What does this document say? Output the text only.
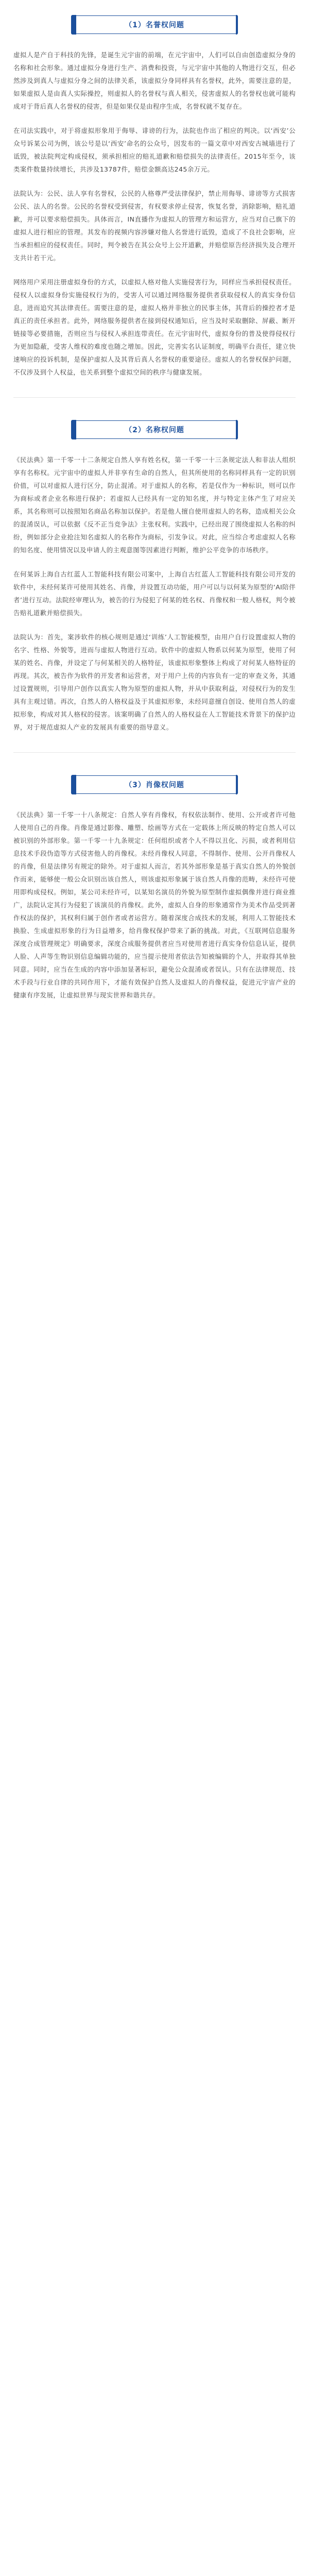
（1）名誉权问题

虚拟人是产自于科技的先锋，是诞生元宇宙的前端，在元宇宙中，人们可以自由创造虚拟分身的名称和社会形象。通过虚拟分身进行生产、消费和投资，与元宇宙中其他的人物进行交互，但必然涉及到真人与虚拟分身之间的法律关系，该虚拟分身同样具有名誉权，此外，需要注意的是，如果虚拟人是由真人实际操控，则虚拟人的名誉权与真人相关，侵害虚拟人的名誉权也就可能构成对于背后真人名誉权的侵害，但是如果仅是由程序生成，名誉权就不复存在。

在司法实践中，对于将虚拟形象用于侮辱、诽谤的行为，法院也作出了相应的判决。以‘西安’公众号诉某公司为例，该公号是以‘西安’命名的公众号，因发布的一篇文章中对西安古城墙进行了诋毁，被法院判定构成侵权，须承担相应的赔礼道歉和赔偿损失的法律责任。2015年至今，该类案件数量持续增长，共涉及13787件，赔偿金额高达245余万元。

法院认为：公民、法人享有名誉权，公民的人格尊严受法律保护，禁止用侮辱、诽谤等方式损害公民、法人的名誉。公民的名誉权受到侵害，有权要求停止侵害，恢复名誉，消除影响，赔礼道歉，并可以要求赔偿损失。具体而言，IN直播作为虚拟人的管理方和运营方，应当对自己旗下的虚拟人进行相应的管理。其发布的视频内容涉嫌对他人名誉进行诋毁，造成了不良社会影响，应当承担相应的侵权责任。同时，判令被告在其公众号上公开道歉，并赔偿原告经济损失及合理开支共计若干元。

网络用户采用注册虚拟身份的方式，以虚拟人格对他人实施侵害行为，同样应当承担侵权责任。侵权人以虚拟身份实施侵权行为的，受害人可以通过网络服务提供者获取侵权人的真实身份信息，进而追究其法律责任。需要注意的是，虚拟人格并非独立的民事主体，其背后的操控者才是真正的责任承担者。此外，网络服务提供者在接到侵权通知后，应当及时采取删除、屏蔽、断开链接等必要措施，否则应当与侵权人承担连带责任。在元宇宙时代，虚拟身份的普及使得侵权行为更加隐蔽，受害人维权的难度也随之增加。因此，完善实名认证制度，明确平台责任，建立快速响应的投诉机制，是保护虚拟人及其背后真人名誉权的重要途径。虚拟人的名誉权保护问题，不仅涉及到个人权益，也关系到整个虚拟空间的秩序与健康发展。

（2）名称权问题

《民法典》第一千零一十二条规定自然人享有姓名权，第一千零一十三条规定法人和非法人组织享有名称权。元宇宙中的虚拟人并非享有生命的自然人，但其所使用的名称同样具有一定的识别价值，可以对虚拟人进行区分，防止混淆。对于虚拟人的名称，若是仅作为一种标识，则可以作为商标或者企业名称进行保护；若虚拟人已经具有一定的知名度，并与特定主体产生了对应关系，其名称则可以按照知名商品名称加以保护。若是他人擅自使用虚拟人的名称，造成相关公众的混淆误认，可以依据《反不正当竞争法》主张权利。实践中，已经出现了围绕虚拟人名称的纠纷，例如部分企业抢注知名虚拟人的名称作为商标，引发争议。对此，应当综合考虑虚拟人名称的知名度、使用情况以及申请人的主观意图等因素进行判断，维护公平竞争的市场秩序。

在何某诉上海自古红蓝人工智能科技有限公司案中，上海自古红蓝人工智能科技有限公司开发的软件中，未经何某许可使用其姓名、肖像，并设置互动功能，用户可以与以何某为原型的‘AI陪伴者’进行互动。法院经审理认为，被告的行为侵犯了何某的姓名权、肖像权和一般人格权，判令被告赔礼道歉并赔偿损失。

法院认为：首先，案涉软件的核心规则是通过‘训练’人工智能模型，由用户自行设置虚拟人物的名字、性格、外貌等，进而与虚拟人物进行互动。软件中的虚拟人物系以何某为原型，使用了何某的姓名、肖像，并设定了与何某相关的人格特征，该虚拟形象整体上构成了对何某人格特征的再现。其次，被告作为软件的开发者和运营者，对于用户上传的内容负有一定的审查义务，其通过设置规则，引导用户创作以真实人物为原型的虚拟人物，并从中获取利益，对侵权行为的发生具有主观过错。再次，自然人的人格权益及于其虚拟形象，未经同意擅自创设、使用自然人的虚拟形象，构成对其人格权的侵害。该案明确了自然人的人格权益在人工智能技术背景下的保护边界，对于规范虚拟人产业的发展具有重要的指导意义。

（3）肖像权问题

《民法典》第一千零一十八条规定：自然人享有肖像权，有权依法制作、使用、公开或者许可他人使用自己的肖像。肖像是通过影像、雕塑、绘画等方式在一定载体上所反映的特定自然人可以被识别的外部形象。第一千零一十九条规定：任何组织或者个人不得以丑化、污损，或者利用信息技术手段伪造等方式侵害他人的肖像权。未经肖像权人同意，不得制作、使用、公开肖像权人的肖像，但是法律另有规定的除外。对于虚拟人而言，若其外部形象是基于真实自然人的外貌创作而来，能够使一般公众识别出该自然人，则该虚拟形象属于该自然人肖像的范畴，未经许可使用即构成侵权。例如，某公司未经许可，以某知名演员的外貌为原型制作虚拟偶像并进行商业推广，法院认定其行为侵犯了该演员的肖像权。此外，虚拟人自身的形象通常作为美术作品受到著作权法的保护，其权利归属于创作者或者运营方。随着深度合成技术的发展，利用人工智能技术换脸、生成虚拟形象的行为日益增多，给肖像权保护带来了新的挑战。对此，《互联网信息服务深度合成管理规定》明确要求，深度合成服务提供者应当对使用者进行真实身份信息认证，提供人脸、人声等生物识别信息编辑功能的，应当提示使用者依法告知被编辑的个人，并取得其单独同意。同时，应当在生成的内容中添加显著标识，避免公众混淆或者误认。只有在法律规范、技术手段与行业自律的共同作用下，才能有效保护自然人及虚拟人的肖像权益，促进元宇宙产业的健康有序发展，让虚拟世界与现实世界和谐共存。
